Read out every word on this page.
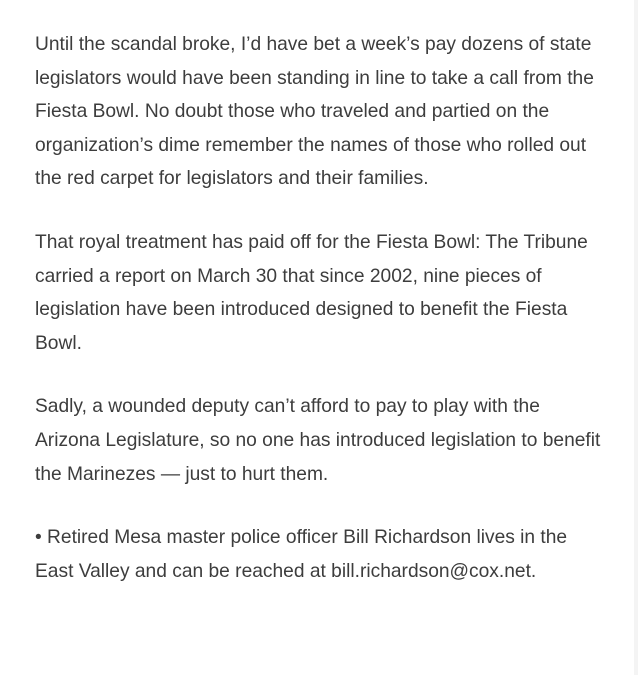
Until the scandal broke, I’d have bet a week’s pay dozens of state
legislators would have been standing in line to take a call from the
Fiesta Bowl. No doubt those who traveled and partied on the
organization’s dime remember the names of those who rolled out
the red carpet for legislators and their families.

That royal treatment has paid off for the Fiesta Bowl: The Tribune
carried a report on March 30 that since 2002, nine pieces of
legislation have been introduced designed to benefit the Fiesta
Bowl.

Sadly, a wounded deputy can’t afford to pay to play with the
Arizona Legislature, so no one has introduced legislation to benefit
the Marinezes — just to hurt them.

• Retired Mesa master police officer Bill Richardson lives in the
East Valley and can be reached at bill.richardson@cox.net.
